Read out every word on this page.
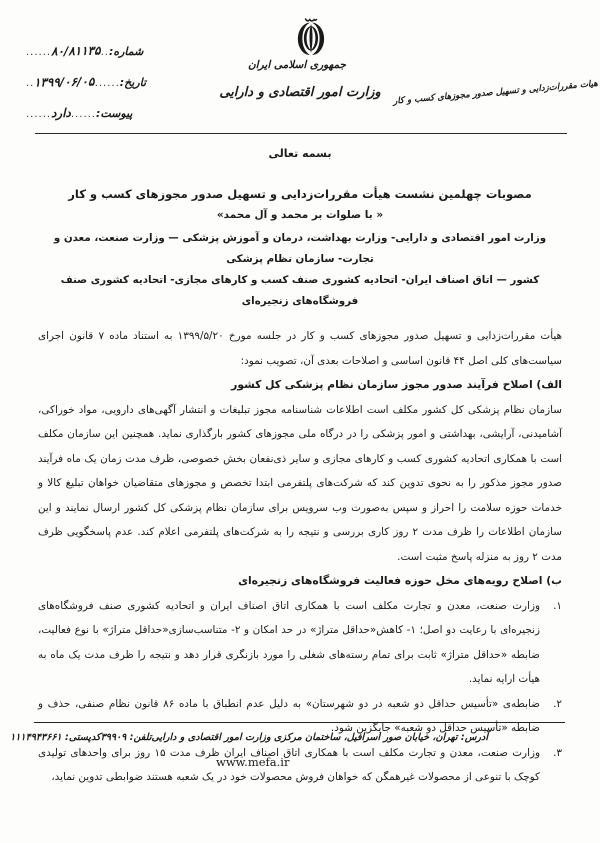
شماره:
..
۸۰/۸۱۱۳۵
......
تاریخ:
......
۱۳۹۹/۰۶/۰۵
..
پیوست:
......
دارد
......
جمهوری اسلامی ایران
وزارت امور اقتصادی و دارایی	هیات مقررات‌زدایی و تسهیل صدور مجوزهای کسب و کار
بسمه تعالی
مصوبات چهلمین نشست هیأت مقررات‌زدایی و تسهیل صدور مجوزهای کسب و کار
« با صلوات بر محمد و آل محمد»
وزارت امور اقتصادی و دارایی- وزارت بهداشت، درمان و آموزش پزشکی — وزارت صنعت، معدن و تجارت- سازمان نظام پزشکی
کشور — اتاق اصناف ایران- اتحادیه کشوری صنف کسب و کارهای مجازی- اتحادیه کشوری صنف فروشگاه‌های زنجیره‌ای

هیأت مقررات‌زدایی و تسهیل صدور مجوزهای کسب و کار در جلسه مورخ ۱۳۹۹/۵/۲۰ به استناد ماده ۷ قانون اجرای سیاست‌های کلی اصل ۴۴ قانون اساسی و اصلاحات بعدی آن، تصویب نمود:

الف) اصلاح فرآیند صدور مجوز سازمان نظام پزشکی کل کشور

سازمان نظام پزشکی کل کشور مکلف است اطلاعات شناسنامه مجوز تبلیغات و انتشار آگهی‌های دارویی، مواد خوراکی، آشامیدنی، آرایشی، بهداشتی و امور پزشکی را در درگاه ملی مجوزهای کشور بارگذاری نماید. همچنین این سازمان مکلف است با همکاری اتحادیه کشوری کسب و کارهای مجازی و سایر ذی‌نفعان بخش خصوصی، ظرف مدت زمان یک ماه فرآیند صدور مجوز مذکور را به نحوی تدوین کند که شرکت‌های پلتفرمی ابتدا تخصص و مجوزهای متقاضیان خواهان تبلیغ کالا و خدمات حوزه سلامت را احراز و سپس به‌صورت وب سرویس برای سازمان نظام پزشکی کل کشور ارسال نمایند و این سازمان اطلاعات را ظرف مدت ۲ روز کاری بررسی و نتیجه را به شرکت‌های پلتفرمی اعلام کند. عدم پاسخگویی ظرف مدت ۲ روز به منزله پاسخ مثبت است.

ب) اصلاح رویه‌های مخل حوزه فعالیت فروشگاه‌های زنجیره‌ای
۱.
وزارت صنعت، معدن و تجارت مکلف است با همکاری اتاق اصناف ایران و اتحادیه کشوری صنف فروشگاه‌های زنجیره‌ای با رعایت دو اصل؛ ۱- کاهش«حداقل متراژ» در حد امکان و ۲- متناسب‌سازی«حداقل متراژ» با نوع فعالیت، ضابطه «حداقل متراژ» ثابت برای تمام رسته‌های شغلی را مورد بازنگری قرار دهد و نتیجه را ظرف مدت یک ماه به هیأت ارایه نماید.
۲.
ضابطه‌ی «تأسیس حداقل دو شعبه در دو شهرستان» به دلیل عدم انطباق با ماده ۸۶ قانون نظام صنفی، حذف و ضابطه «تأسیس حداقل دو شعبه» جایگزین شود.
۳.
وزارت صنعت، معدن و تجارت مکلف است با همکاری اتاق اصناف ایران ظرف مدت ۱۵ روز برای واحدهای تولیدی کوچک با تنوعی از محصولات غیرهمگن که خواهان فروش محصولات خود در یک شعبه هستند ضوابطی تدوین نماید،
آدرس: تهران، خیابان صور اسرافیل، ساختمان مرکزی وزارت امور اقتصادی و دارایی
تلفن: ۳۹۹۰۹
کدپستی: ۱۱۱۴۹۴۳۶۶۱
www.mefa.ir
